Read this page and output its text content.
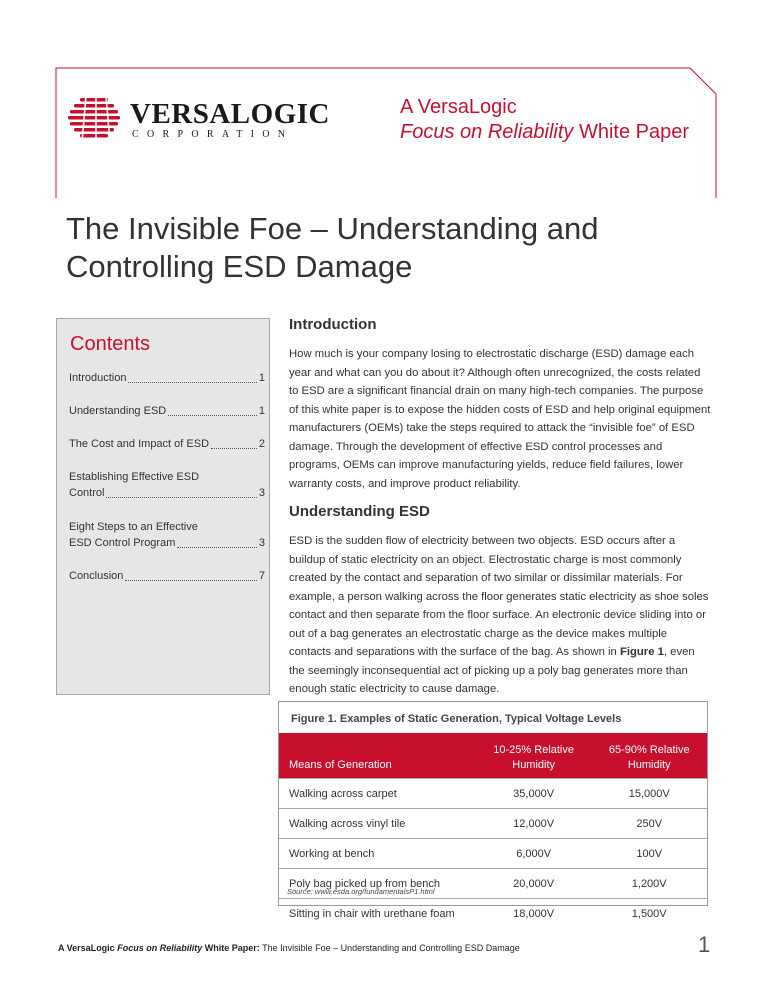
VERSALOGIC
CORPORATION
A VersaLogic
Focus on Reliability White Paper
The Invisible Foe – Understanding and Controlling ESD Damage
Contents
Introduction	1
Understanding ESD	1
The Cost and Impact of ESD	2
Establishing Effective ESD
Control	3
Eight Steps to an Effective
ESD Control Program	3
Conclusion	7
Introduction
How much is your company losing to electrostatic discharge (ESD) damage each year and what can you do about it? Although often unrecognized, the costs related to ESD are a significant financial drain on many high-tech companies. The purpose of this white paper is to expose the hidden costs of ESD and help original equipment manufacturers (OEMs) take the steps required to attack the “invisible foe” of ESD damage. Through the development of effective ESD control processes and programs, OEMs can improve manufacturing yields, reduce field failures, lower warranty costs, and improve product reliability.
Understanding ESD
ESD is the sudden flow of electricity between two objects. ESD occurs after a buildup of static electricity on an object. Electrostatic charge is most commonly created by the contact and separation of two similar or dissimilar materials. For example, a person walking across the floor generates static electricity as shoe soles contact and then separate from the floor surface. An electronic device sliding into or out of a bag generates an electrostatic charge as the device makes multiple contacts and separations with the surface of the bag. As shown in Figure 1, even the seemingly inconsequential act of picking up a poly bag generates more than enough static electricity to cause damage.
Figure 1. Examples of Static Generation, Typical Voltage Levels
Means of Generation	10-25% Relative Humidity	65-90% Relative Humidity
Walking across carpet	35,000V	15,000V
Walking across vinyl tile	12,000V	250V
Working at bench	6,000V	100V
Poly bag picked up from bench	20,000V	1,200V
Sitting in chair with urethane foam	18,000V	1,500V
Source: www.esda.org/fundamentalsP1.html
A VersaLogic Focus on Reliability White Paper: The Invisible Foe – Understanding and Controlling ESD Damage	1
